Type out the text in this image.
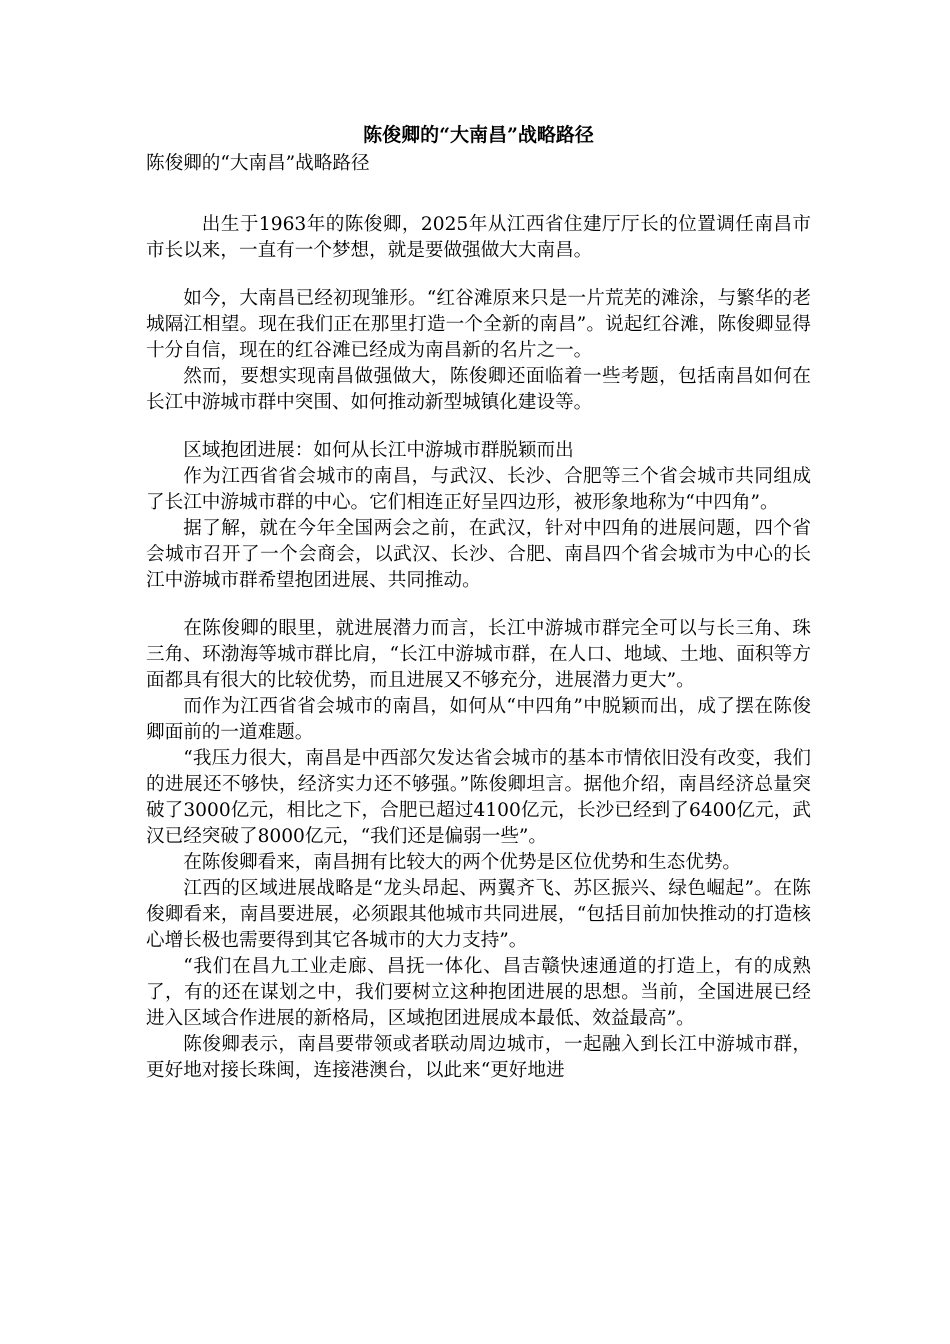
陈俊卿的“大南昌”战略路径

陈俊卿的“大南昌”战略路径

出生于1963年的陈俊卿，2025年从江西省住建厅厅长的位置调任南昌市市长以来，一直有一个梦想，就是要做强做大大南昌。

如今，大南昌已经初现雏形。“红谷滩原来只是一片荒芜的滩涂，与繁华的老城隔江相望。现在我们正在那里打造一个全新的南昌”。说起红谷滩，陈俊卿显得十分自信，现在的红谷滩已经成为南昌新的名片之一。

然而，要想实现南昌做强做大，陈俊卿还面临着一些考题，包括南昌如何在长江中游城市群中突围、如何推动新型城镇化建设等。

区域抱团进展：如何从长江中游城市群脱颖而出

作为江西省省会城市的南昌，与武汉、长沙、合肥等三个省会城市共同组成了长江中游城市群的中心。它们相连正好呈四边形，被形象地称为“中四角”。

据了解，就在今年全国两会之前，在武汉，针对中四角的进展问题，四个省会城市召开了一个会商会，以武汉、长沙、合肥、南昌四个省会城市为中心的长江中游城市群希望抱团进展、共同推动。

在陈俊卿的眼里，就进展潜力而言，长江中游城市群完全可以与长三角、珠三角、环渤海等城市群比肩，“长江中游城市群，在人口、地域、土地、面积等方面都具有很大的比较优势，而且进展又不够充分，进展潜力更大”。

而作为江西省省会城市的南昌，如何从“中四角”中脱颖而出，成了摆在陈俊卿面前的一道难题。

“我压力很大，南昌是中西部欠发达省会城市的基本市情依旧没有改变，我们的进展还不够快，经济实力还不够强。”陈俊卿坦言。据他介绍，南昌经济总量突破了3000亿元，相比之下，合肥已超过4100亿元，长沙已经到了6400亿元，武汉已经突破了8000亿元，“我们还是偏弱一些”。

在陈俊卿看来，南昌拥有比较大的两个优势是区位优势和生态优势。

江西的区域进展战略是“龙头昂起、两翼齐飞、苏区振兴、绿色崛起”。在陈俊卿看来，南昌要进展，必须跟其他城市共同进展，“包括目前加快推动的打造核心增长极也需要得到其它各城市的大力支持”。

“我们在昌九工业走廊、昌抚一体化、昌吉赣快速通道的打造上，有的成熟了，有的还在谋划之中，我们要树立这种抱团进展的思想。当前，全国进展已经进入区域合作进展的新格局，区域抱团进展成本最低、效益最高”。

陈俊卿表示，南昌要带领或者联动周边城市，一起融入到长江中游城市群，更好地对接长珠闽，连接港澳台，以此来“更好地进
